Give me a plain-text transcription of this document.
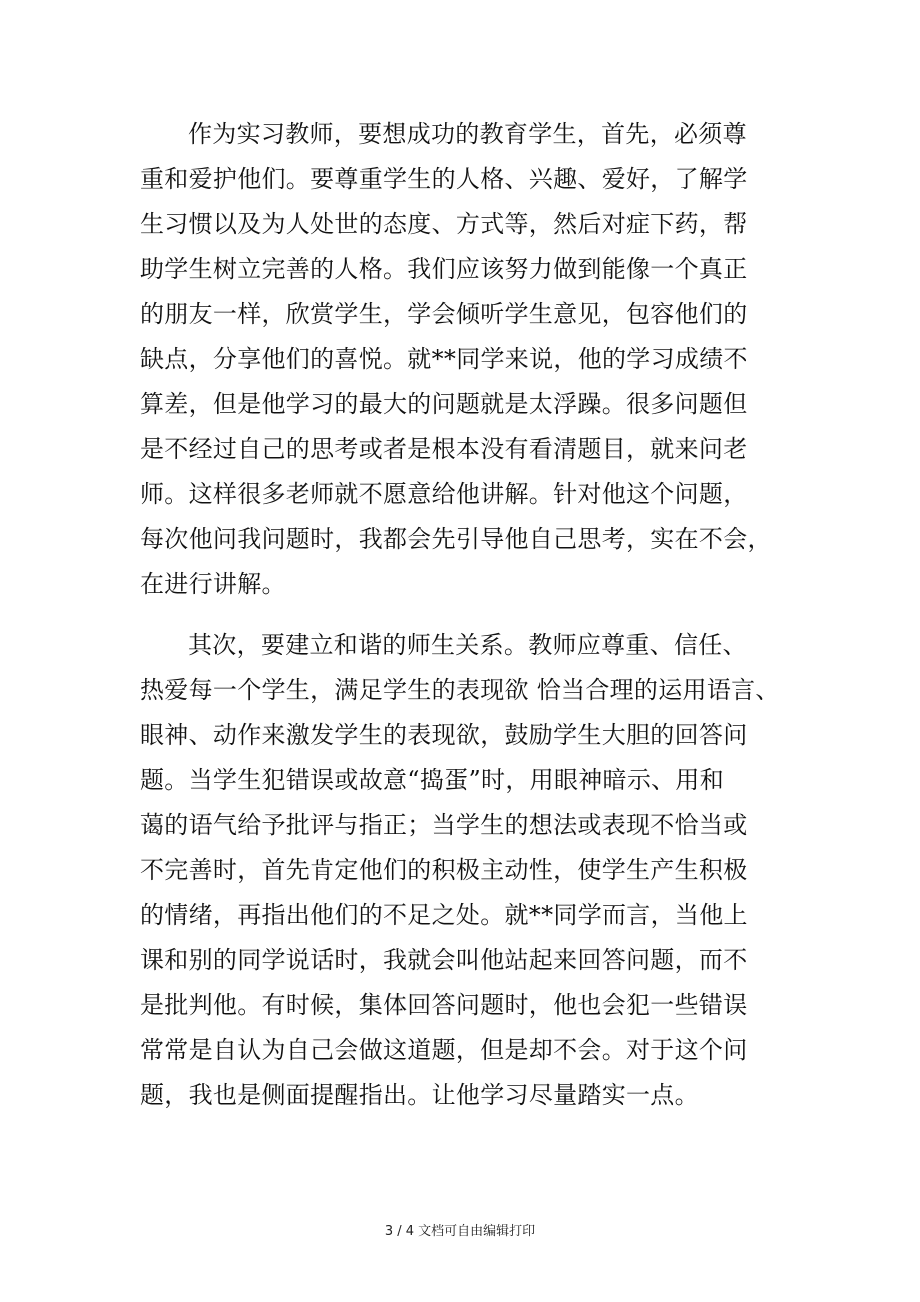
作为实习教师，要想成功的教育学生，首先，必须尊
重和爱护他们。要尊重学生的人格、兴趣、爱好，了解学
生习惯以及为人处世的态度、方式等，然后对症下药，帮
助学生树立完善的人格。我们应该努力做到能像一个真正
的朋友一样，欣赏学生，学会倾听学生意见，包容他们的
缺点，分享他们的喜悦。就**同学来说，他的学习成绩不
算差，但是他学习的最大的问题就是太浮躁。很多问题但
是不经过自己的思考或者是根本没有看清题目，就来问老
师。这样很多老师就不愿意给他讲解。针对他这个问题，
每次他问我问题时，我都会先引导他自己思考，实在不会，
在进行讲解。
其次，要建立和谐的师生关系。教师应尊重、信任、
热爱每一个学生，满足学生的表现欲 恰当合理的运用语言、
眼神、动作来激发学生的表现欲，鼓励学生大胆的回答问
题。当学生犯错误或故意“捣蛋”时，用眼神暗示、用和
蔼的语气给予批评与指正；当学生的想法或表现不恰当或
不完善时，首先肯定他们的积极主动性，使学生产生积极
的情绪，再指出他们的不足之处。就**同学而言，当他上
课和别的同学说话时，我就会叫他站起来回答问题，而不
是批判他。有时候，集体回答问题时，他也会犯一些错误
常常是自认为自己会做这道题，但是却不会。对于这个问
题，我也是侧面提醒指出。让他学习尽量踏实一点。
3 / 4 文档可自由编辑打印
